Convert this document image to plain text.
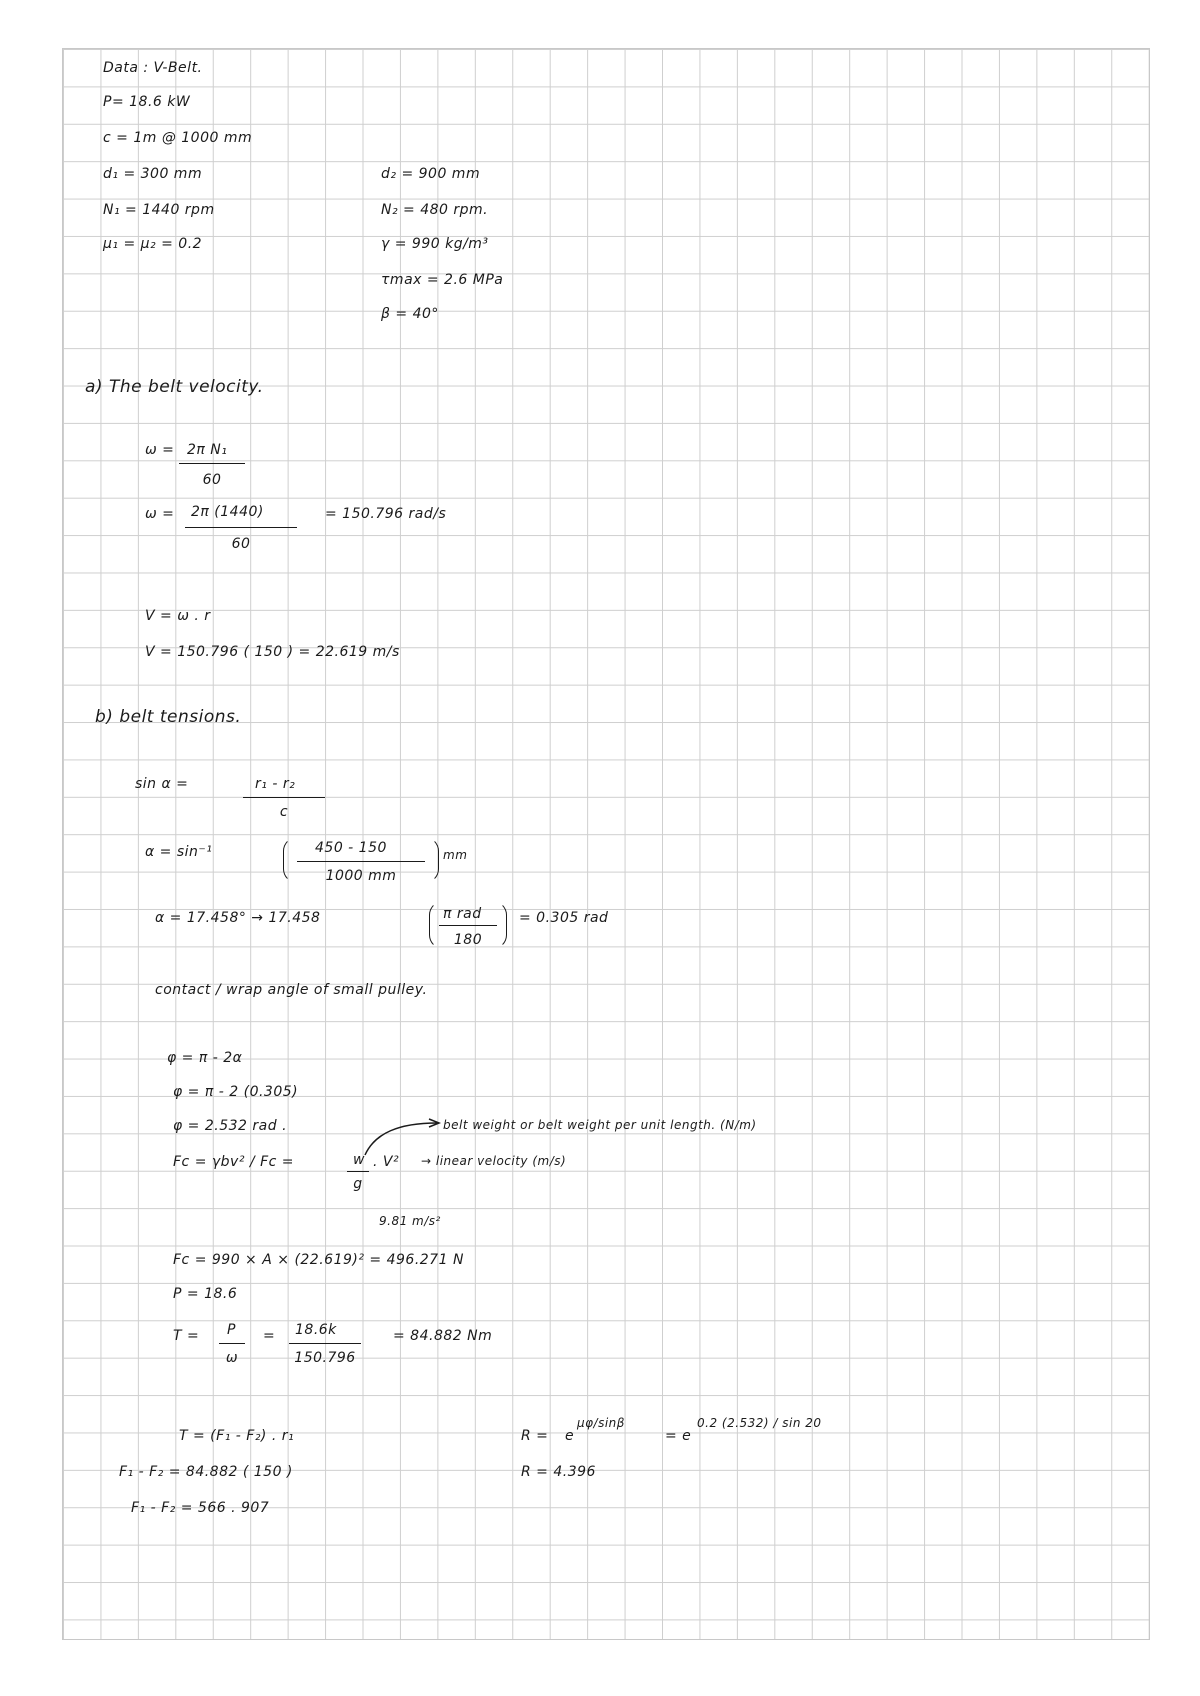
Data : V-Belt.
P= 18.6 kW
c = 1m @ 1000 mm
d₁ = 300 mm	d₂ = 900 mm
N₁ = 1440 rpm	N₂ = 480 rpm.
μ₁ = μ₂ = 0.2	γ = 990 kg/m³
τmax = 2.6 MPa
β = 40°
a) The belt velocity.
ω = 2π N₁
60
ω = 2π (1440)
60
= 150.796 rad/s
V = ω . r
V = 150.796 ( 150 ) = 22.619 m/s
b) belt tensions.
sin α =	r₁ - r₂
c
α = sin⁻¹	450 - 150
1000 mm
mm
α = 17.458° → 17.458	π rad
180
= 0.305 rad
contact / wrap angle of small pulley.
φ = π - 2α
φ = π - 2 (0.305)
φ = 2.532 rad .	belt weight or belt weight per unit length. (N/m)
Fc = γbv² / Fc =	w
g
. V² → linear velocity (m/s)
9.81 m/s²
Fc = 990 × A × (22.619)² = 496.271 N
P = 18.6
T = P
ω
= 18.6k
150.796
= 84.882 Nm
T = (F₁ - F₂) . r₁
F₁ - F₂ = 84.882 ( 150 )
F₁ - F₂ = 566 . 907
R = e
μφ/sinβ
= e
0.2 (2.532) / sin 20
R = 4.396
